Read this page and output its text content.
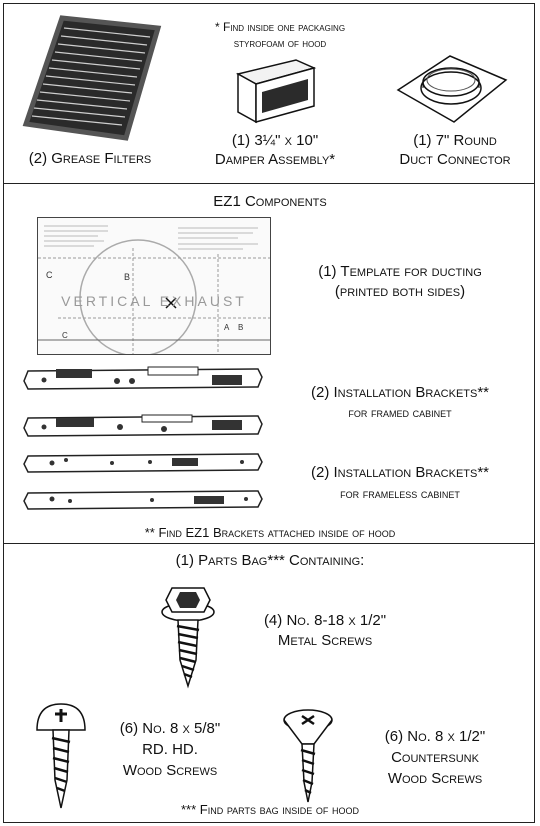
(2) Grease Filters
* Find inside one packaging
styrofoam of hood
(1) 3¼" x 10"
Damper Assembly*
(1) 7" Round
Duct Connector
EZ1 Components
C	B
A B
C
VERTICAL EXHAUST
(1) Template for ducting
(printed both sides)
(2) Installation Brackets**
for framed cabinet
(2) Installation Brackets**
for frameless cabinet
** Find EZ1 Brackets attached inside of hood
(1) Parts Bag*** Containing:
(4) No. 8-18 x 1/2"
Metal Screws
(6) No. 8 x 5/8"
RD. HD.
Wood Screws
(6) No. 8 x 1/2"
Countersunk
Wood Screws
*** Find parts bag inside of hood
